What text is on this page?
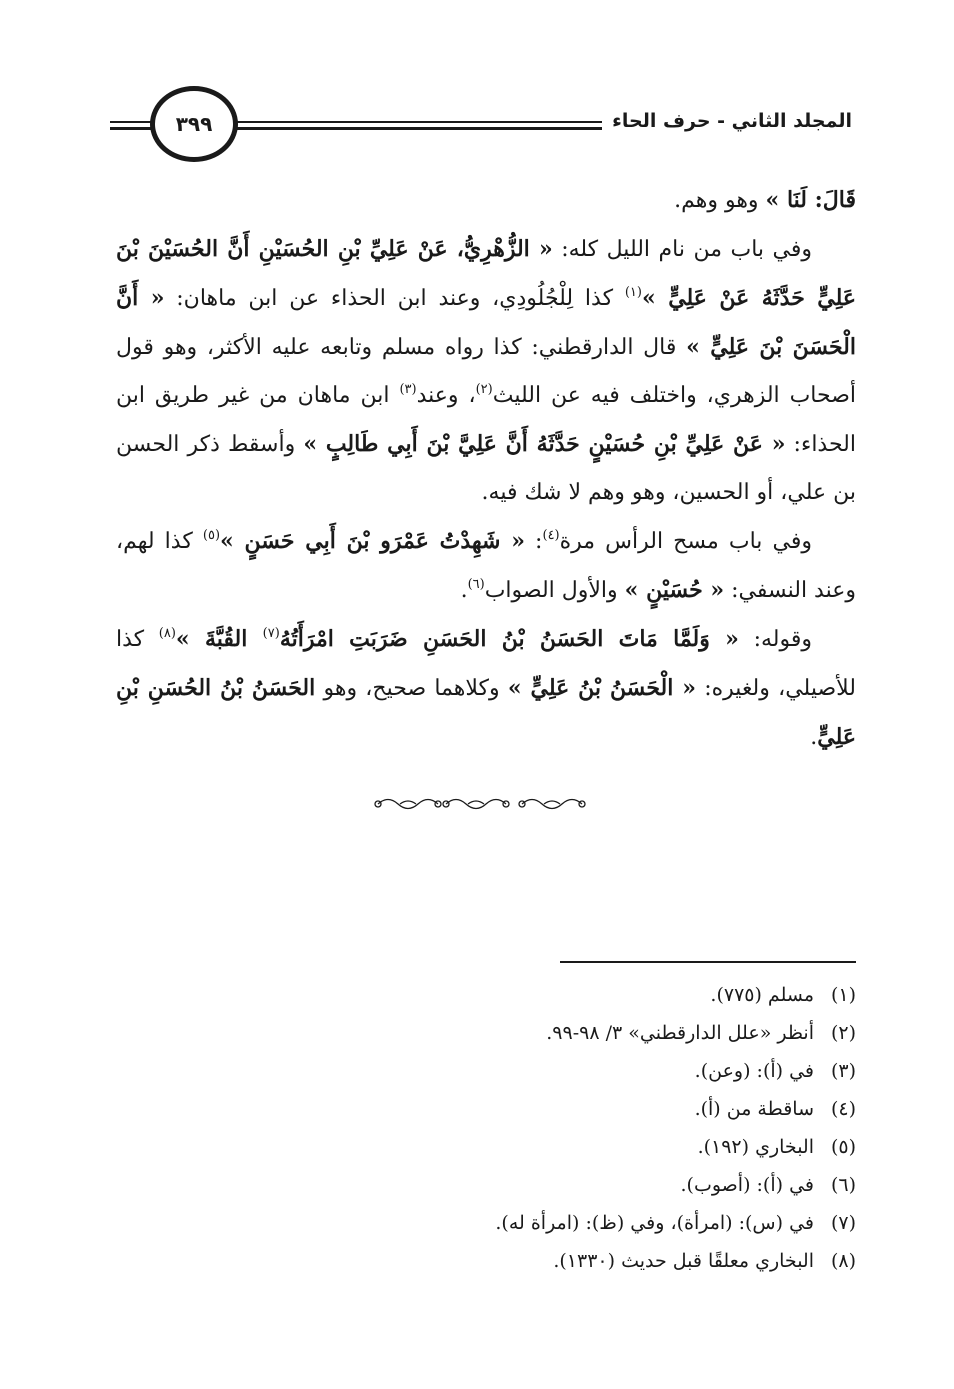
المجلد الثاني - حرف الحاء
٣٩٩

قَالَ: لَنَا » وهو وهم.

وفي باب من نام الليل كله: « الزُّهْرِيُّ، عَنْ عَلِيِّ بْنِ الحُسَيْنِ أَنَّ الحُسَيْنَ بْنَ عَلِيٍّ حَدَّثَهُ عَنْ عَلِيٍّ »$^{(١)}$ كذا لِلْجُلُودِي، وعند ابن الحذاء عن ابن ماهان: « أَنَّ الْحَسَنَ بْنَ عَلِيٍّ » قال الدارقطني: كذا رواه مسلم وتابعه عليه الأكثر، وهو قول أصحاب الزهري، واختلف فيه عن الليث$^{(٢)}$، وعند$^{(٣)}$ ابن ماهان من غير طريق ابن الحذاء: « عَنْ عَلِيِّ بْنِ حُسَيْنٍ حَدَّثَهُ أَنَّ عَلِيَّ بْنَ أَبِي طَالِبٍ » وأسقط ذكر الحسن بن علي، أو الحسين، وهو وهم لا شك فيه.

وفي باب مسح الرأس مرة$^{(٤)}$: « شَهِدْتُ عَمْرَو بْنَ أَبِي حَسَنٍ »$^{(٥)}$ كذا لهم، وعند النسفي: « حُسَيْنٍ » والأول الصواب$^{(٦)}$.

وقوله: « وَلَمَّا مَاتَ الحَسَنُ بْنُ الحَسَنِ ضَرَبَتِ امْرَأَتُهُ$^{(٧)}$ القُبَّةَ »$^{(٨)}$ كذا للأصيلي، ولغيره: « الْحَسَنُ بْنُ عَلِيٍّ » وكلاهما صحيح، وهو الحَسَنُ بْنُ الحُسَنِ بْنِ عَلِيٍّ.

(١)مسلم (٧٧٥).
(٢)أنظر «علل الدارقطني» ٣/ ٩٨-٩٩.
(٣)في (أ): (وعن).
(٤)ساقطة من (أ).
(٥)البخاري (١٩٢).
(٦)في (أ): (أصوب).
(٧)في (س): (امرأة)، وفي (ظ): (امرأة له).
(٨)البخاري معلقًا قبل حديث (١٣٣٠).
